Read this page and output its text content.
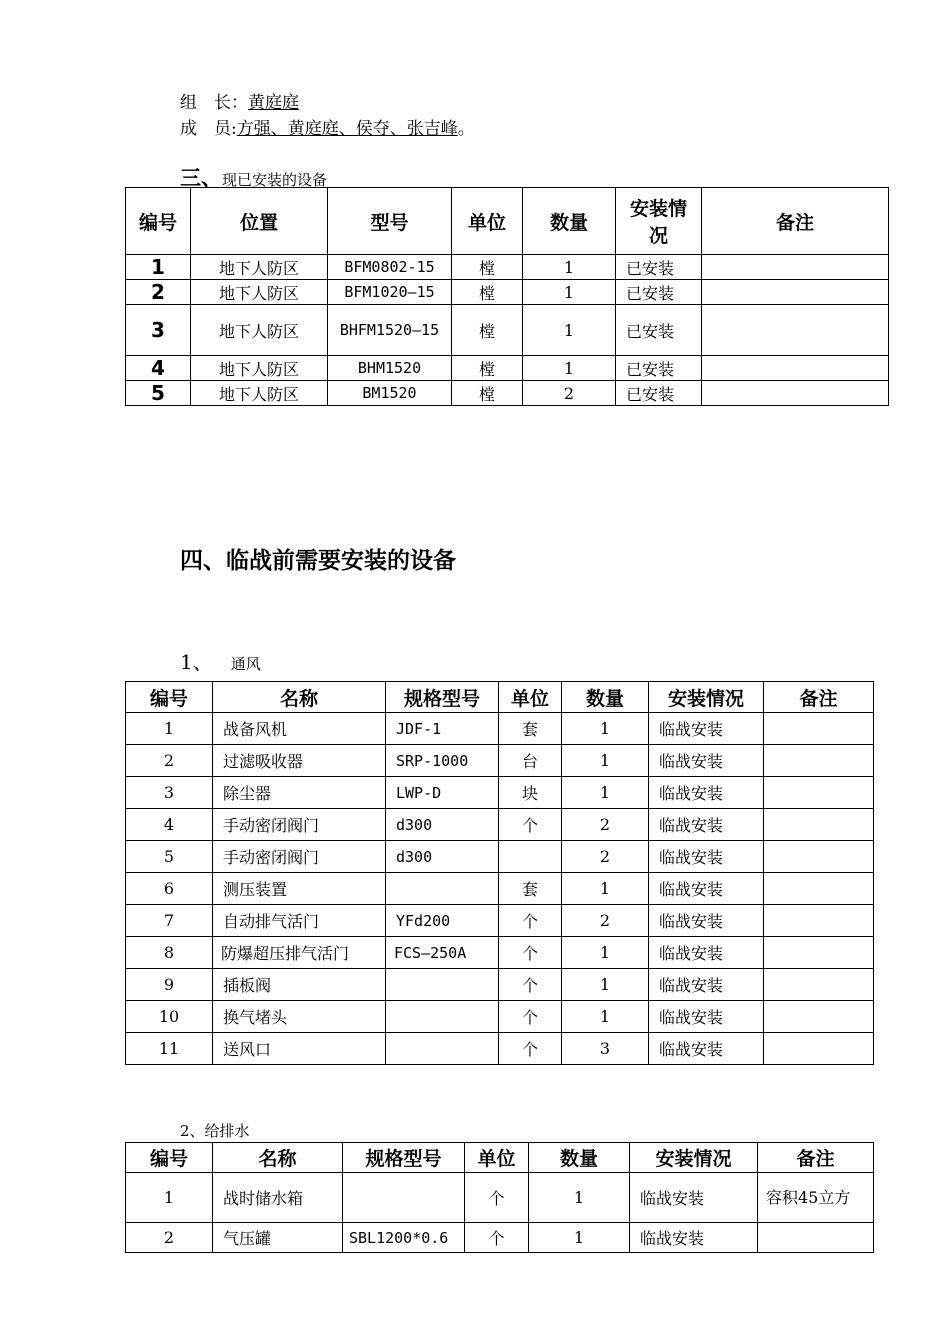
组　长：黄庭庭
成　员:方强、黄庭庭、侯夺、张吉峰。
三、现已安装的设备
编号	位置	型号	单位	数量	安装情况	备注
1	地下人防区	BFM0802-15	樘	1	已安装	
2	地下人防区	BFM1020—15	樘	1	已安装	
3	地下人防区	BHFM1520—15	樘	1	已安装	
4	地下人防区	BHM1520	樘	1	已安装	
5	地下人防区	BM1520	樘	2	已安装	
四、临战前需要安装的设备
1、 通风
编号	名称	规格型号	单位	数量	安装情况	备注
1	战备风机	JDF-1	套	1	临战安装	
2	过滤吸收器	SRP-1000	台	1	临战安装	
3	除尘器	LWP-D	块	1	临战安装	
4	手动密闭阀门	d300	个	2	临战安装	
5	手动密闭阀门	d300		2	临战安装	
6	测压装置		套	1	临战安装	
7	自动排气活门	YFd200	个	2	临战安装	
8	防爆超压排气活门	FCS—250A	个	1	临战安装	
9	插板阀		个	1	临战安装	
10	换气堵头		个	1	临战安装	
11	送风口		个	3	临战安装	
2、给排水
编号	名称	规格型号	单位	数量	安装情况	备注
1	战时储水箱		个	1	临战安装	容积45立方
2	气压罐	SBL1200*0.6	个	1	临战安装	
